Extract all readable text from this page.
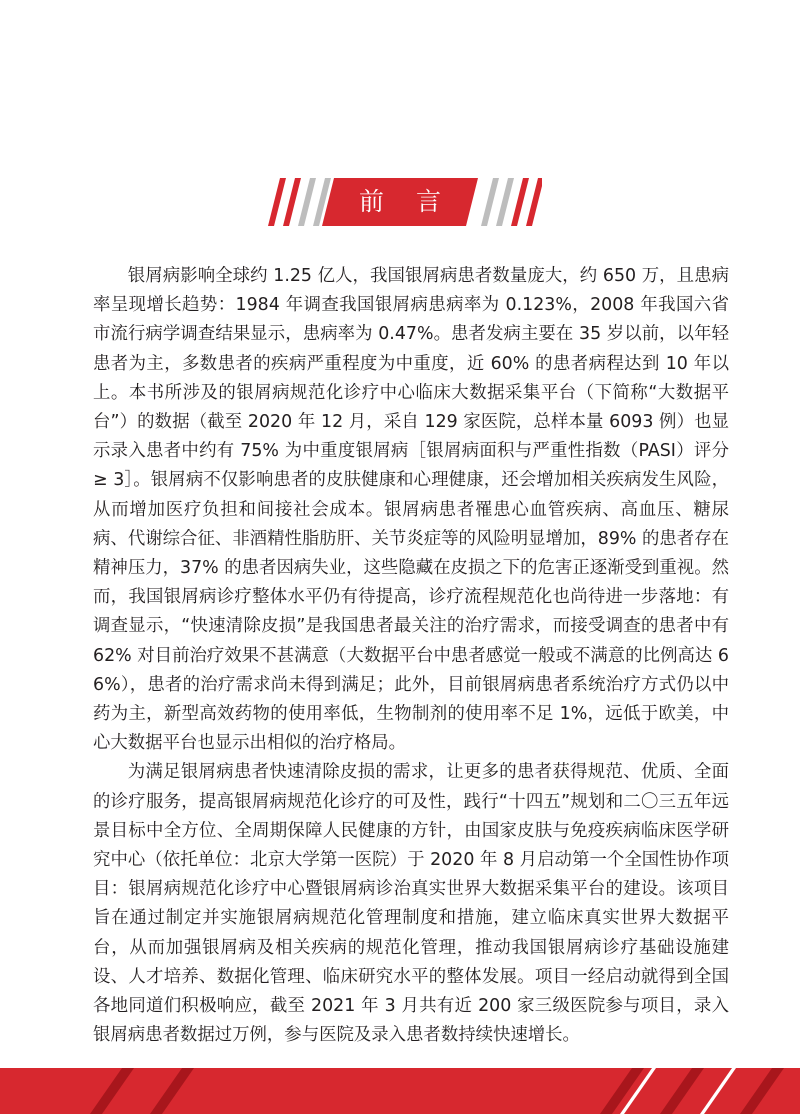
前 言

银屑病影响全球约 1.25 亿人，我国银屑病患者数量庞大，约 650 万，且患病率呈现增长趋势：1984 年调查我国银屑病患病率为 0.123%，2008 年我国六省市流行病学调查结果显示，患病率为 0.47%。患者发病主要在 35 岁以前，以年轻患者为主，多数患者的疾病严重程度为中重度，近 60% 的患者病程达到 10 年以上。本书所涉及的银屑病规范化诊疗中心临床大数据采集平台（下简称“大数据平台”）的数据（截至 2020 年 12 月，采自 129 家医院，总样本量 6093 例）也显示录入患者中约有 75% 为中重度银屑病［银屑病面积与严重性指数（PASI）评分≥ 3］。银屑病不仅影响患者的皮肤健康和心理健康，还会增加相关疾病发生风险，从而增加医疗负担和间接社会成本。银屑病患者罹患心血管疾病、高血压、糖尿病、代谢综合征、非酒精性脂肪肝、关节炎症等的风险明显增加，89% 的患者存在精神压力，37% 的患者因病失业，这些隐藏在皮损之下的危害正逐渐受到重视。然而，我国银屑病诊疗整体水平仍有待提高，诊疗流程规范化也尚待进一步落地：有调查显示，“快速清除皮损”是我国患者最关注的治疗需求，而接受调查的患者中有 62% 对目前治疗效果不甚满意（大数据平台中患者感觉一般或不满意的比例高达 66%），患者的治疗需求尚未得到满足；此外，目前银屑病患者系统治疗方式仍以中药为主，新型高效药物的使用率低，生物制剂的使用率不足 1%，远低于欧美，中心大数据平台也显示出相似的治疗格局。

为满足银屑病患者快速清除皮损的需求，让更多的患者获得规范、优质、全面的诊疗服务，提高银屑病规范化诊疗的可及性，践行“十四五”规划和二〇三五年远景目标中全方位、全周期保障人民健康的方针，由国家皮肤与免疫疾病临床医学研究中心（依托单位：北京大学第一医院）于 2020 年 8 月启动第一个全国性协作项目：银屑病规范化诊疗中心暨银屑病诊治真实世界大数据采集平台的建设。该项目旨在通过制定并实施银屑病规范化管理制度和措施，建立临床真实世界大数据平台，从而加强银屑病及相关疾病的规范化管理，推动我国银屑病诊疗基础设施建设、人才培养、数据化管理、临床研究水平的整体发展。项目一经启动就得到全国各地同道们积极响应，截至 2021 年 3 月共有近 200 家三级医院参与项目，录入银屑病患者数据过万例，参与医院及录入患者数持续快速增长。
